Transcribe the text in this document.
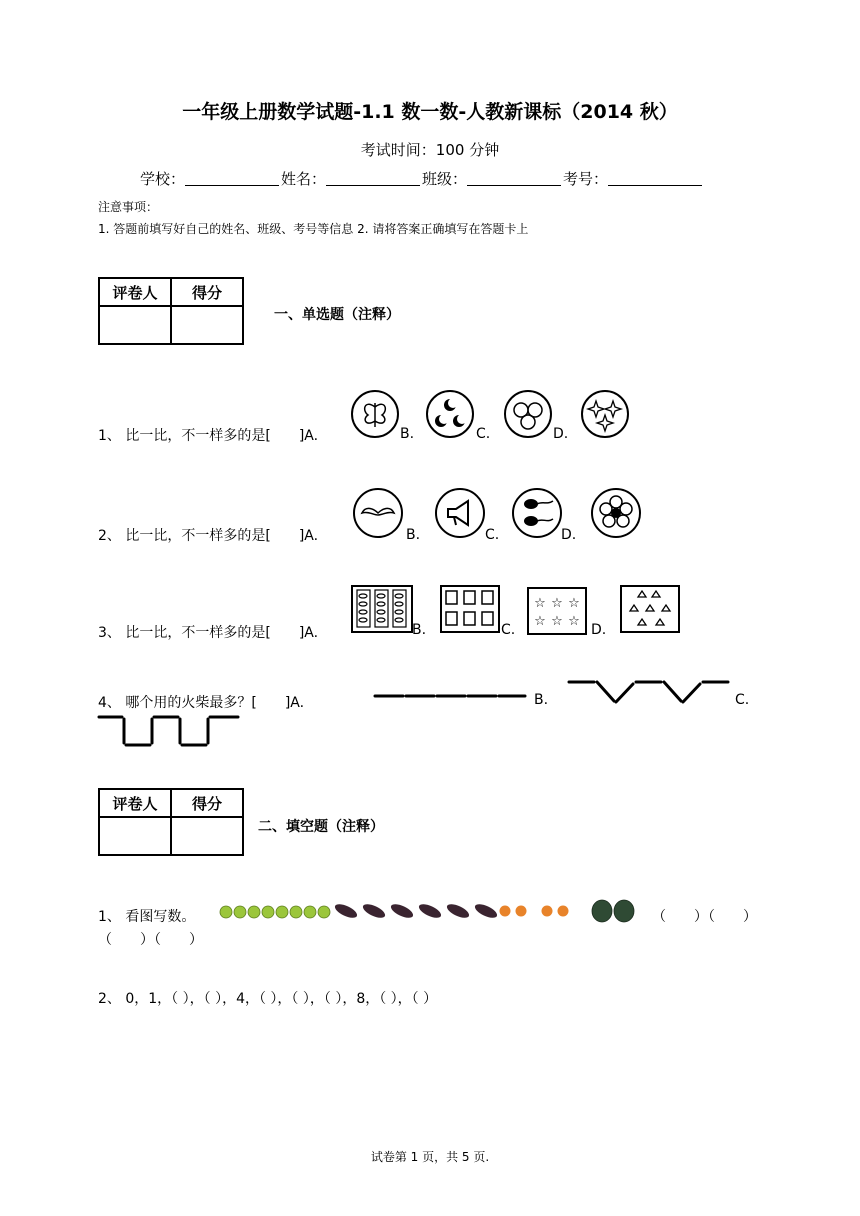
一年级上册数学试题-1.1 数一数-人教新课标（2014 秋）
考试时间：100 分钟
学校：	姓名：	班级：	考号：
注意事项：
1. 答题前填写好自己的姓名、班级、考号等信息 2. 请将答案正确填写在答题卡上
评卷人	得分

一、单选题（注释）
1、 比一比，不一样多的是[　　]A.	B.	C.	D.
2、 比一比，不一样多的是[　　]A.	B.	C.	D.
3、 比一比，不一样多的是[　　]A.	B.	C.
☆ ☆ ☆
☆ ☆ ☆
D.
4、 哪个用的火柴最多？[　　]A.	B.	C.
评卷人	得分

二、填空题（注释）
1、 看图写数。	（　　）（　　）
（　　）（　　）
2、 0，1，（ ），（ ），4，（ ），（ ），（ ），8，（ ），（ ）
试卷第 1 页，共 5 页.
